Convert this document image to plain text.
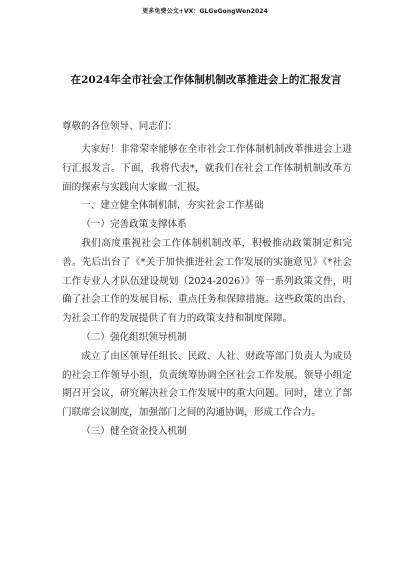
更多免费公文+VX：GLGeGongWen2024
在2024年全市社会工作体制机制改革推进会上的汇报发言
尊敬的各位领导、同志们：

大家好！非常荣幸能够在全市社会工作体制机制改革推进会上进行汇报发言。下面，我将代表*，就我们在社会工作体制机制改革方面的探索与实践向大家做一汇报。

一、建立健全体制机制，夯实社会工作基础

（一）完善政策支撑体系

我们高度重视社会工作体制机制改革，积极推动政策制定和完善。先后出台了《*关于加快推进社会工作发展的实施意见》《*社会工作专业人才队伍建设规划（2024-2026）》等一系列政策文件，明确了社会工作的发展目标、重点任务和保障措施。这些政策的出台，为社会工作的发展提供了有力的政策支持和制度保障。

（二）强化组织领导机制

成立了由区领导任组长、民政、人社、财政等部门负责人为成员的社会工作领导小组，负责统筹协调全区社会工作发展。领导小组定期召开会议，研究解决社会工作发展中的重大问题。同时，建立了部门联席会议制度，加强部门之间的沟通协调，形成工作合力。

（三）健全资金投入机制
